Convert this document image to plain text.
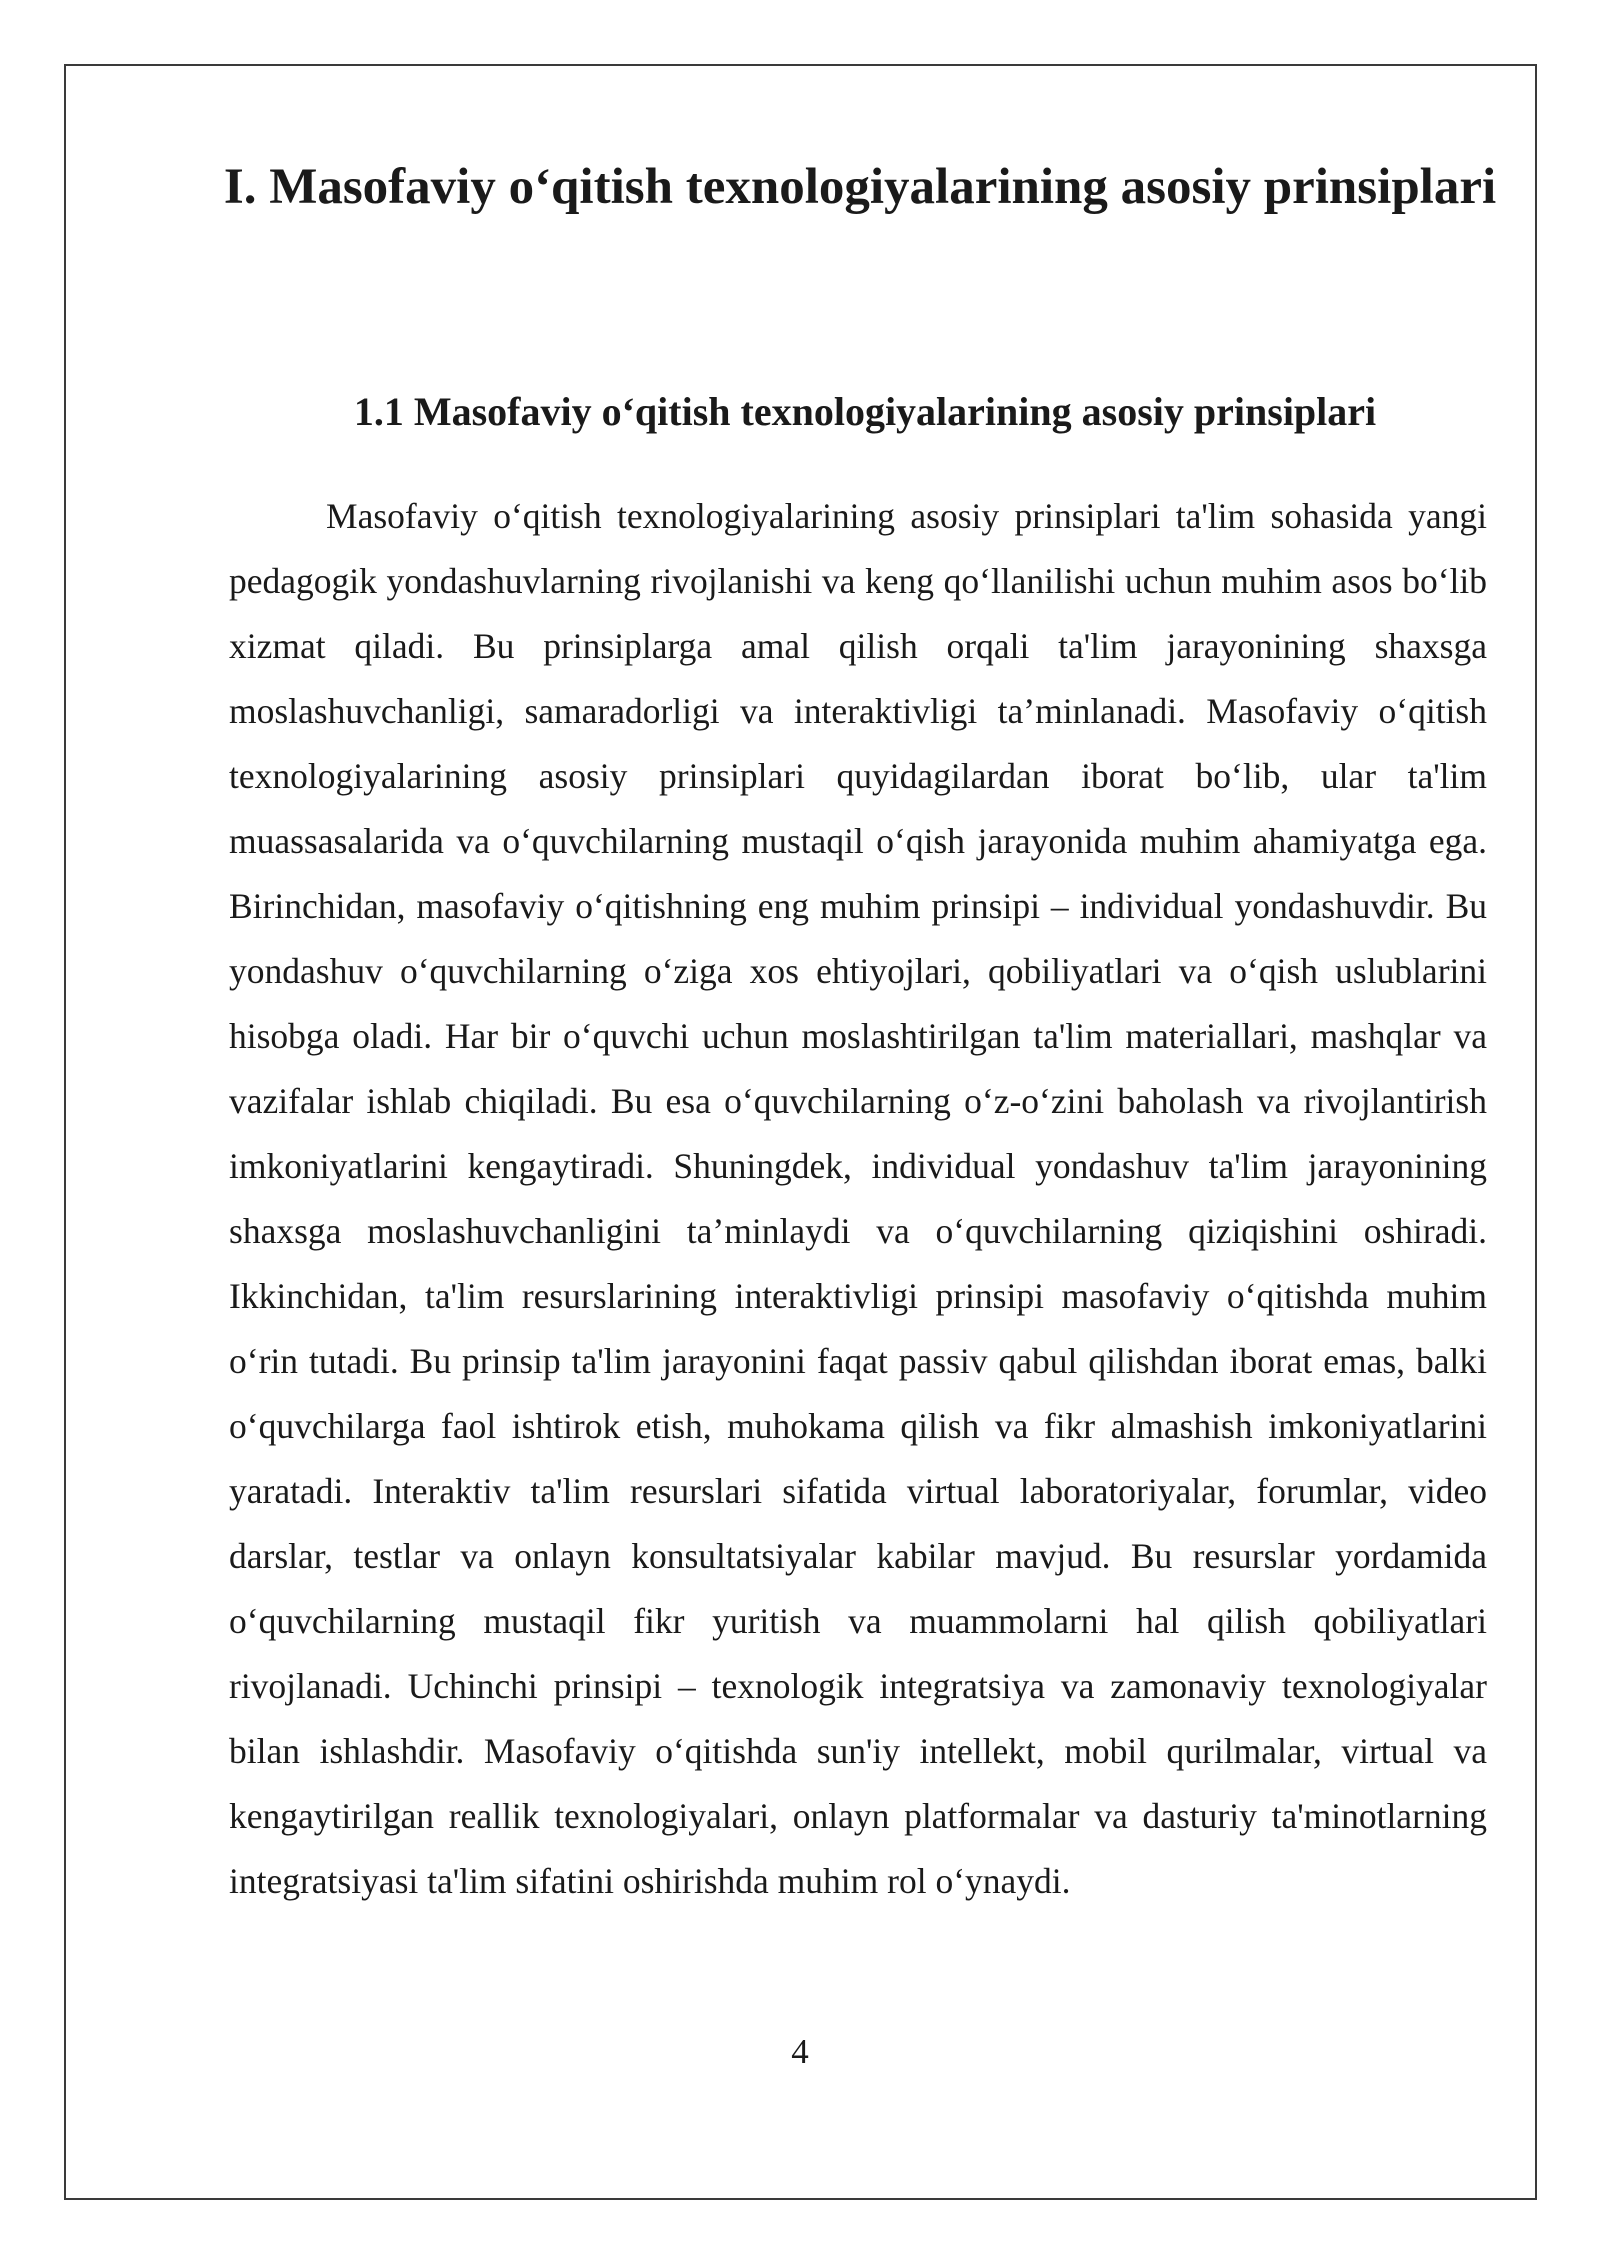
I. Masofaviy o‘qitish texnologiyalarining asosiy prinsiplari
1.1 Masofaviy o‘qitish texnologiyalarining asosiy prinsiplari

Masofaviy o‘qitish texnologiyalarining asosiy prinsiplari ta'lim sohasida yangi pedagogik yondashuvlarning rivojlanishi va keng qo‘llanilishi uchun muhim asos bo‘lib xizmat qiladi. Bu prinsiplarga amal qilish orqali ta'lim jarayonining shaxsga moslashuvchanligi, samaradorligi va interaktivligi ta’minlanadi. Masofaviy o‘qitish texnologiyalarining asosiy prinsiplari quyidagilardan iborat bo‘lib, ular ta'lim muassasalarida va o‘quvchilarning mustaqil o‘qish jarayonida muhim ahamiyatga ega. Birinchidan, masofaviy o‘qitishning eng muhim prinsipi – individual yondashuvdir. Bu yondashuv o‘quvchilarning o‘ziga xos ehtiyojlari, qobiliyatlari va o‘qish uslublarini hisobga oladi. Har bir o‘quvchi uchun moslashtirilgan ta'lim materiallari, mashqlar va vazifalar ishlab chiqiladi. Bu esa o‘quvchilarning o‘z-o‘zini baholash va rivojlantirish imkoniyatlarini kengaytiradi. Shuningdek, individual yondashuv ta'lim jarayonining shaxsga moslashuvchanligini ta’minlaydi va o‘quvchilarning qiziqishini oshiradi. Ikkinchidan, ta'lim resurslarining interaktivligi prinsipi masofaviy o‘qitishda muhim o‘rin tutadi. Bu prinsip ta'lim jarayonini faqat passiv qabul qilishdan iborat emas, balki o‘quvchilarga faol ishtirok etish, muhokama qilish va fikr almashish imkoniyatlarini yaratadi. Interaktiv ta'lim resurslari sifatida virtual laboratoriyalar, forumlar, video darslar, testlar va onlayn konsultatsiyalar kabilar mavjud. Bu resurslar yordamida o‘quvchilarning mustaqil fikr yuritish va muammolarni hal qilish qobiliyatlari rivojlanadi. Uchinchi prinsipi – texnologik integratsiya va zamonaviy texnologiyalar bilan ishlashdir. Masofaviy o‘qitishda sun'iy intellekt, mobil qurilmalar, virtual va kengaytirilgan reallik texnologiyalari, onlayn platformalar va dasturiy ta'minotlarning integratsiyasi ta'lim sifatini oshirishda muhim rol o‘ynaydi.

4
